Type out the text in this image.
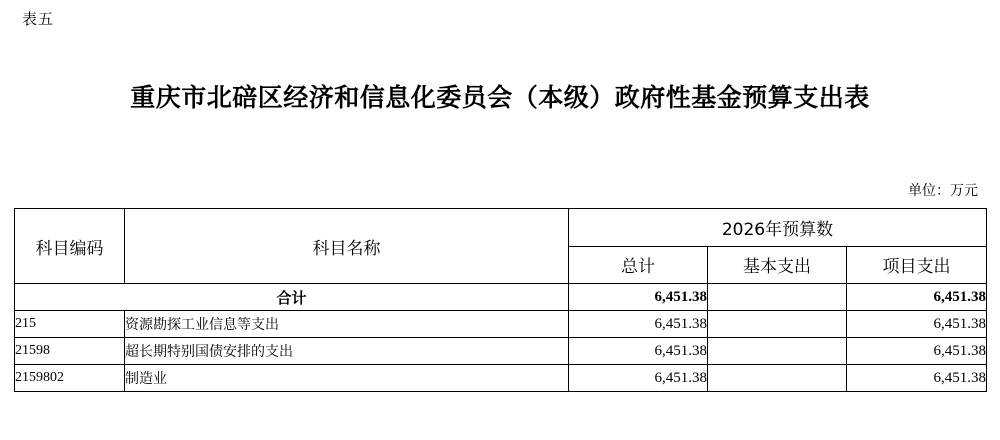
表五
重庆市北碚区经济和信息化委员会（本级）政府性基金预算支出表
单位：万元
科目编码	科目名称	2026年预算数		
		总计	基本支出	项目支出
合计		6,451.38		6,451.38
215	资源勘探工业信息等支出	6,451.38		6,451.38
21598	超长期特别国债安排的支出	6,451.38		6,451.38
2159802	制造业	6,451.38		6,451.38
